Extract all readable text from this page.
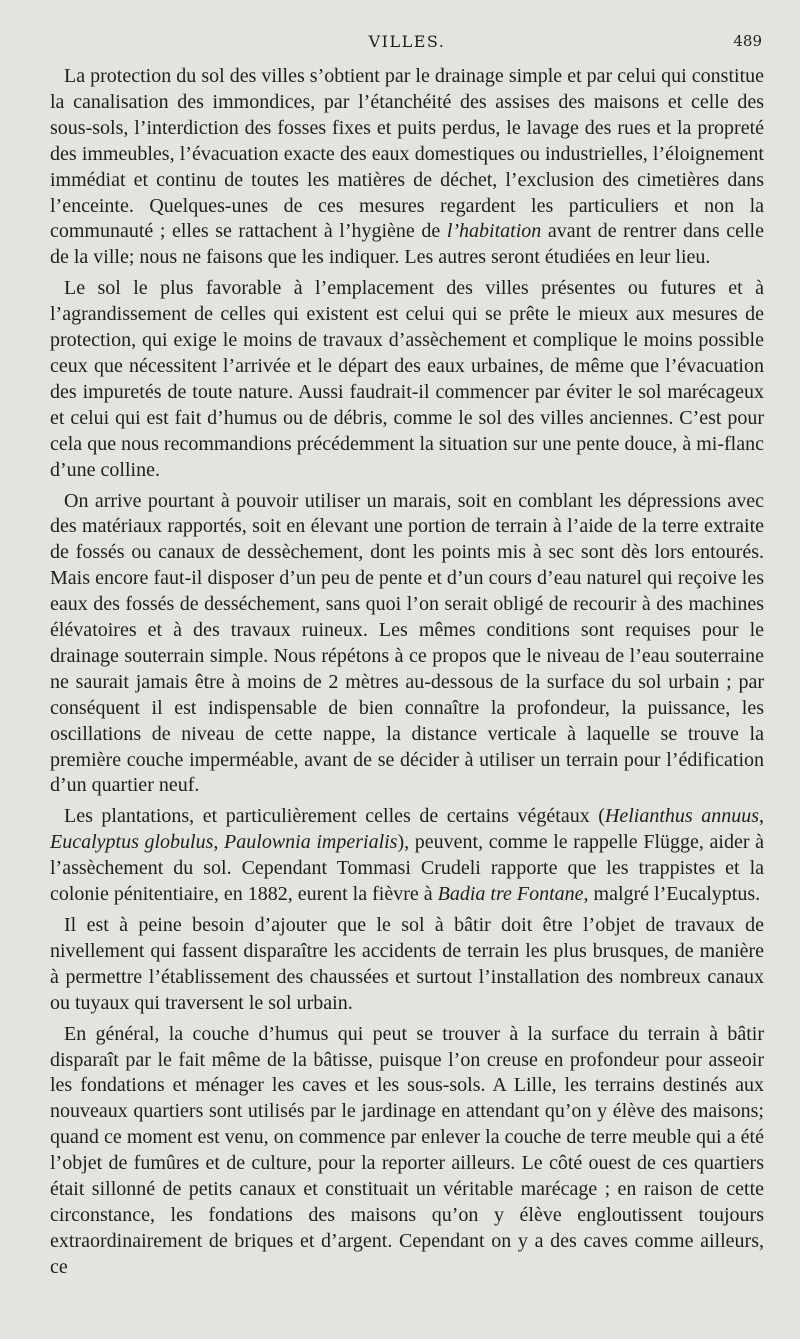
VILLES.	489

La protection du sol des villes s’obtient par le drainage simple et par celui qui constitue la canalisation des immondices, par l’étanchéité des assises des maisons et celle des sous-sols, l’interdiction des fosses fixes et puits perdus, le lavage des rues et la propreté des immeubles, l’évacuation exacte des eaux domestiques ou industrielles, l’éloignement immédiat et continu de toutes les matières de déchet, l’exclusion des cimetières dans l’enceinte. Quelques-unes de ces mesures regardent les particuliers et non la communauté ; elles se rattachent à l’hygiène de l’habitation avant de rentrer dans celle de la ville; nous ne faisons que les indiquer. Les autres seront étudiées en leur lieu.

Le sol le plus favorable à l’emplacement des villes présentes ou futures et à l’agrandissement de celles qui existent est celui qui se prête le mieux aux mesures de protection, qui exige le moins de travaux d’assèchement et complique le moins possible ceux que nécessitent l’arrivée et le départ des eaux urbaines, de même que l’évacuation des impuretés de toute nature. Aussi faudrait-il commencer par éviter le sol marécageux et celui qui est fait d’humus ou de débris, comme le sol des villes anciennes. C’est pour cela que nous recommandions précédemment la situation sur une pente douce, à mi-flanc d’une colline.

On arrive pourtant à pouvoir utiliser un marais, soit en comblant les dépressions avec des matériaux rapportés, soit en élevant une portion de terrain à l’aide de la terre extraite de fossés ou canaux de dessèchement, dont les points mis à sec sont dès lors entourés. Mais encore faut-il disposer d’un peu de pente et d’un cours d’eau naturel qui reçoive les eaux des fossés de desséchement, sans quoi l’on serait obligé de recourir à des machines élévatoires et à des travaux ruineux. Les mêmes conditions sont requises pour le drainage souterrain simple. Nous répétons à ce propos que le niveau de l’eau souterraine ne saurait jamais être à moins de 2 mètres au-dessous de la surface du sol urbain ; par conséquent il est indispensable de bien connaître la profondeur, la puissance, les oscillations de niveau de cette nappe, la distance verticale à laquelle se trouve la première couche imperméable, avant de se décider à utiliser un terrain pour l’édification d’un quartier neuf.

Les plantations, et particulièrement celles de certains végétaux (Helianthus annuus, Eucalyptus globulus, Paulownia imperialis), peuvent, comme le rappelle Flügge, aider à l’assèchement du sol. Cependant Tommasi Crudeli rapporte que les trappistes et la colonie pénitentiaire, en 1882, eurent la fièvre à Badia tre Fontane, malgré l’Eucalyptus.

Il est à peine besoin d’ajouter que le sol à bâtir doit être l’objet de travaux de nivellement qui fassent disparaître les accidents de terrain les plus brusques, de manière à permettre l’établissement des chaussées et surtout l’installation des nombreux canaux ou tuyaux qui traversent le sol urbain.

En général, la couche d’humus qui peut se trouver à la surface du terrain à bâtir disparaît par le fait même de la bâtisse, puisque l’on creuse en profondeur pour asseoir les fondations et ménager les caves et les sous-sols. A Lille, les terrains destinés aux nouveaux quartiers sont utilisés par le jardinage en attendant qu’on y élève des maisons; quand ce moment est venu, on commence par enlever la couche de terre meuble qui a été l’objet de fumûres et de culture, pour la reporter ailleurs. Le côté ouest de ces quartiers était sillonné de petits canaux et constituait un véritable marécage ; en raison de cette circonstance, les fondations des maisons qu’on y élève engloutissent toujours extraordinairement de briques et d’argent. Cependant on y a des caves comme ailleurs, ce
